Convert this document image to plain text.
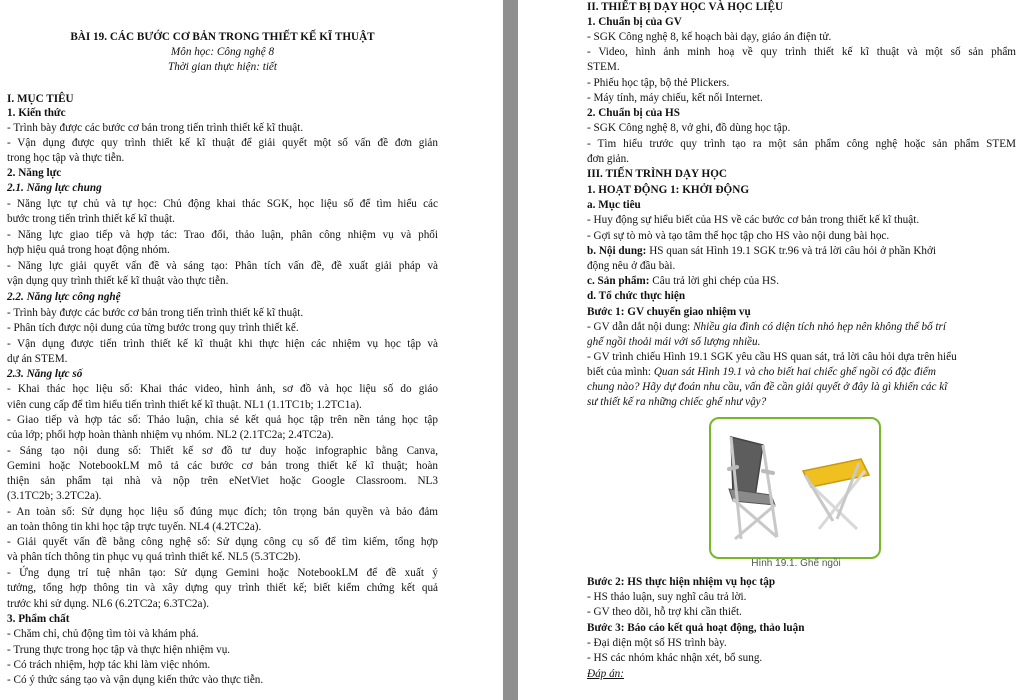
BÀI 19. CÁC BƯỚC CƠ BẢN TRONG THIẾT KẾ KĨ THUẬT
Môn học: Công nghệ 8
Thời gian thực hiện: tiết
I. MỤC TIÊU
1. Kiến thức
- Trình bày được các bước cơ bản trong tiến trình thiết kế kĩ thuật.
- Vận dụng được quy trình thiết kế kĩ thuật để giải quyết một số vấn đề đơn giản
trong học tập và thực tiễn.
2. Năng lực
2.1. Năng lực chung
- Năng lực tự chủ và tự học: Chủ động khai thác SGK, học liệu số để tìm hiểu các
bước trong tiến trình thiết kế kĩ thuật.
- Năng lực giao tiếp và hợp tác: Trao đổi, thảo luận, phân công nhiệm vụ và phối
hợp hiệu quả trong hoạt động nhóm.
- Năng lực giải quyết vấn đề và sáng tạo: Phân tích vấn đề, đề xuất giải pháp và
vận dụng quy trình thiết kế kĩ thuật vào thực tiễn.
2.2. Năng lực công nghệ
- Trình bày được các bước cơ bản trong tiến trình thiết kế kĩ thuật.
- Phân tích được nội dung của từng bước trong quy trình thiết kế.
- Vận dụng được tiến trình thiết kế kĩ thuật khi thực hiện các nhiệm vụ học tập và
dự án STEM.
2.3. Năng lực số
- Khai thác học liệu số: Khai thác video, hình ảnh, sơ đồ và học liệu số do giáo
viên cung cấp để tìm hiểu tiến trình thiết kế kĩ thuật. NL1 (1.1TC1b; 1.2TC1a).
- Giao tiếp và hợp tác số: Thảo luận, chia sẻ kết quả học tập trên nền tảng học tập
của lớp; phối hợp hoàn thành nhiệm vụ nhóm. NL2 (2.1TC2a; 2.4TC2a).
- Sáng tạo nội dung số: Thiết kế sơ đồ tư duy hoặc infographic bằng Canva,
Gemini hoặc NotebookLM mô tả các bước cơ bản trong thiết kế kĩ thuật; hoàn
thiện sản phẩm tại nhà và nộp trên eNetViet hoặc Google Classroom. NL3
(3.1TC2b; 3.2TC2a).
- An toàn số: Sử dụng học liệu số đúng mục đích; tôn trọng bản quyền và bảo đảm
an toàn thông tin khi học tập trực tuyến. NL4 (4.2TC2a).
- Giải quyết vấn đề bằng công nghệ số: Sử dụng công cụ số để tìm kiếm, tổng hợp
và phân tích thông tin phục vụ quá trình thiết kế. NL5 (5.3TC2b).
- Ứng dụng trí tuệ nhân tạo: Sử dụng Gemini hoặc NotebookLM để đề xuất ý
tưởng, tổng hợp thông tin và xây dựng quy trình thiết kế; biết kiểm chứng kết quả
trước khi sử dụng. NL6 (6.2TC2a; 6.3TC2a).
3. Phẩm chất
- Chăm chỉ, chủ động tìm tòi và khám phá.
- Trung thực trong học tập và thực hiện nhiệm vụ.
- Có trách nhiệm, hợp tác khi làm việc nhóm.
- Có ý thức sáng tạo và vận dụng kiến thức vào thực tiễn.
II. THIẾT BỊ DẠY HỌC VÀ HỌC LIỆU
1. Chuẩn bị của GV
- SGK Công nghệ 8, kế hoạch bài dạy, giáo án điện tử.
- Video, hình ảnh minh hoạ về quy trình thiết kế kĩ thuật và một số sản phẩm
STEM.
- Phiếu học tập, bộ thẻ Plickers.
- Máy tính, máy chiếu, kết nối Internet.
2. Chuẩn bị của HS
- SGK Công nghệ 8, vở ghi, đồ dùng học tập.
- Tìm hiểu trước quy trình tạo ra một sản phẩm công nghệ hoặc sản phẩm STEM
đơn giản.
III. TIẾN TRÌNH DẠY HỌC
1. HOẠT ĐỘNG 1: KHỞI ĐỘNG
a. Mục tiêu
- Huy động sự hiểu biết của HS về các bước cơ bản trong thiết kế kĩ thuật.
- Gợi sự tò mò và tạo tâm thế học tập cho HS vào nội dung bài học.
b. Nội dung: HS quan sát Hình 19.1 SGK tr.96 và trả lời câu hỏi ở phần Khởi
động nêu ở đầu bài.
c. Sản phẩm: Câu trả lời ghi chép của HS.
d. Tổ chức thực hiện
Bước 1: GV chuyển giao nhiệm vụ
- GV dẫn dắt nội dung: Nhiều gia đình có diện tích nhỏ hẹp nên không thể bố trí
ghế ngồi thoải mái với số lượng nhiều.
- GV trình chiếu Hình 19.1 SGK yêu cầu HS quan sát, trả lời câu hỏi dựa trên hiểu
biết của mình: Quan sát Hình 19.1 và cho biết hai chiếc ghế ngồi có đặc điểm
chung nào? Hãy dự đoán nhu cầu, vấn đề cần giải quyết ở đây là gì khiến các kĩ
sư thiết kế ra những chiếc ghế như vậy?
Hình 19.1. Ghế ngồi
Bước 2: HS thực hiện nhiệm vụ học tập
- HS thảo luận, suy nghĩ câu trả lời.
- GV theo dõi, hỗ trợ khi cần thiết.
Bước 3: Báo cáo kết quả hoạt động, thảo luận
- Đại diện một số HS trình bày.
- HS các nhóm khác nhận xét, bổ sung.
Đáp án:
